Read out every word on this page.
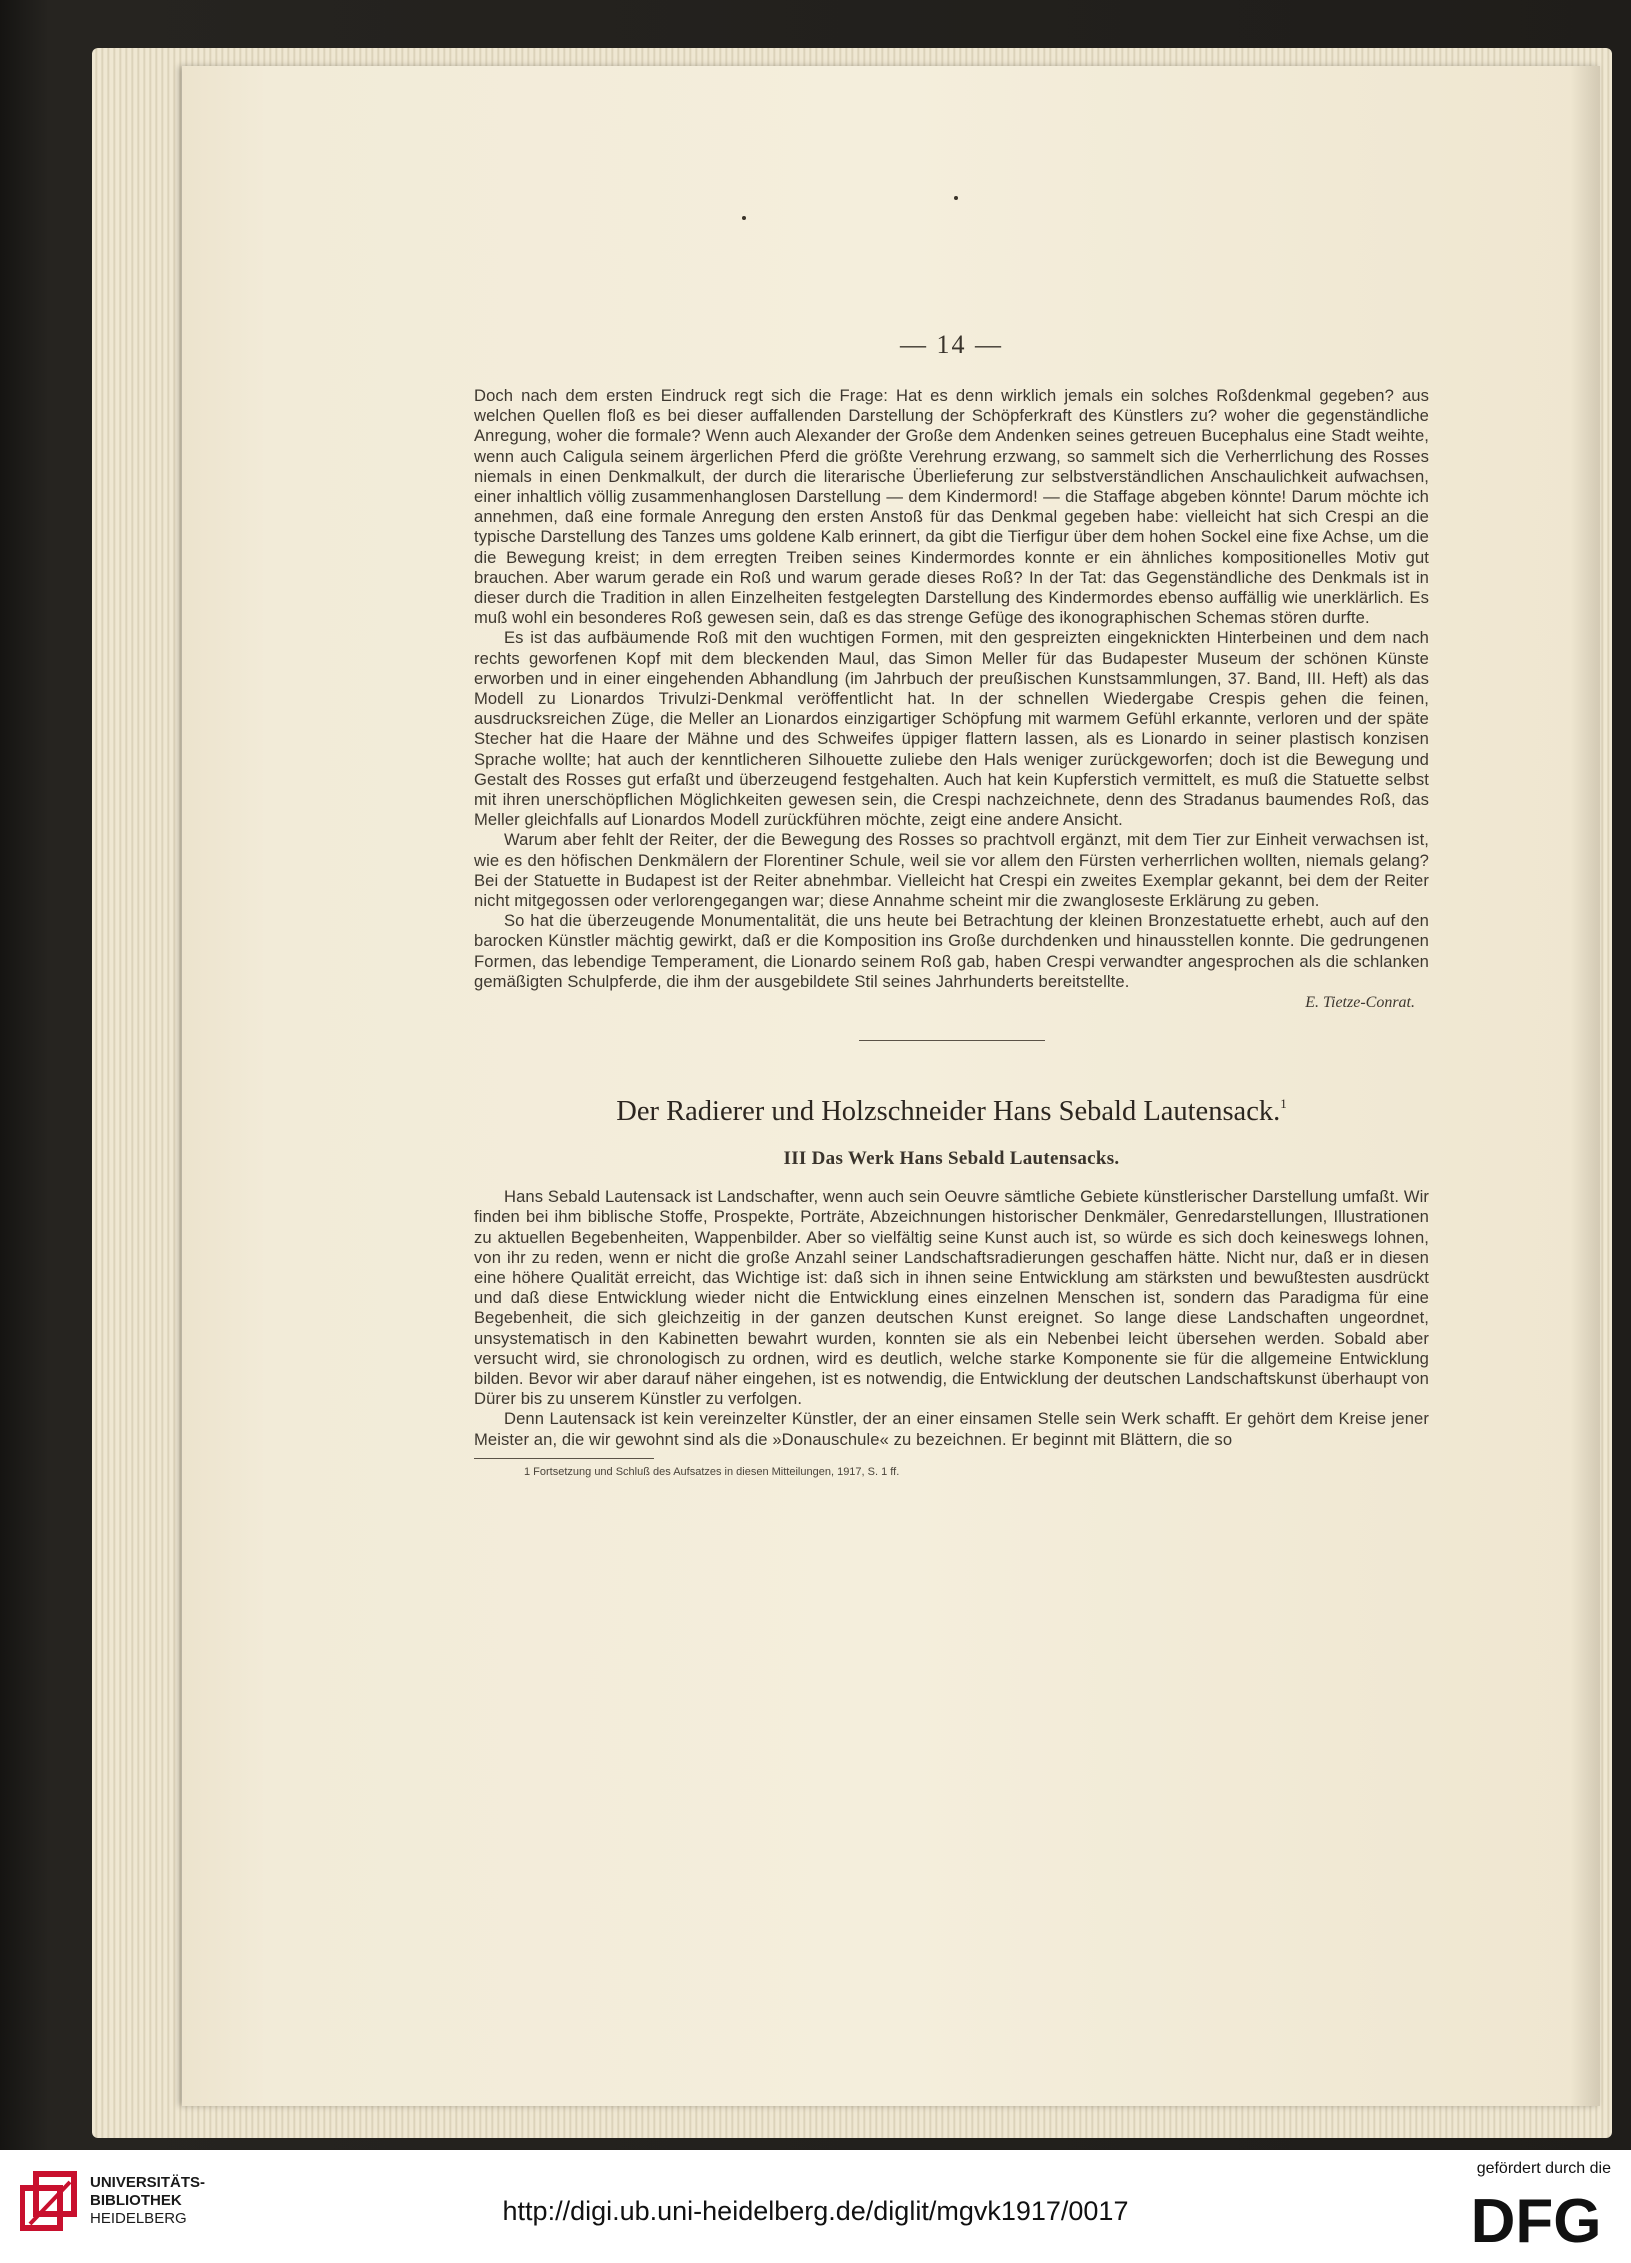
— 14 —

Doch nach dem ersten Eindruck regt sich die Frage: Hat es denn wirklich jemals ein solches Roßdenkmal gegeben? aus welchen Quellen floß es bei dieser auffallenden Darstellung der Schöpferkraft des Künstlers zu? woher die gegenständliche Anregung, woher die formale? Wenn auch Alexander der Große dem Andenken seines getreuen Bucephalus eine Stadt weihte, wenn auch Caligula seinem ärgerlichen Pferd die größte Verehrung erzwang, so sammelt sich die Verherrlichung des Rosses niemals in einen Denkmalkult, der durch die literarische Überlieferung zur selbstverständlichen Anschaulichkeit aufwachsen, einer inhaltlich völlig zusammenhanglosen Darstellung — dem Kindermord! — die Staffage abgeben könnte! Darum möchte ich annehmen, daß eine formale Anregung den ersten Anstoß für das Denkmal gegeben habe: vielleicht hat sich Crespi an die typische Darstellung des Tanzes ums goldene Kalb erinnert, da gibt die Tierfigur über dem hohen Sockel eine fixe Achse, um die die Bewegung kreist; in dem erregten Treiben seines Kindermordes konnte er ein ähnliches kompositionelles Motiv gut brauchen. Aber warum gerade ein Roß und warum gerade dieses Roß? In der Tat: das Gegenständliche des Denkmals ist in dieser durch die Tradition in allen Einzelheiten festgelegten Darstellung des Kindermordes ebenso auffällig wie unerklärlich. Es muß wohl ein besonderes Roß gewesen sein, daß es das strenge Gefüge des ikonographischen Schemas stören durfte.

Es ist das aufbäumende Roß mit den wuchtigen Formen, mit den gespreizten eingeknickten Hinterbeinen und dem nach rechts geworfenen Kopf mit dem bleckenden Maul, das Simon Meller für das Budapester Museum der schönen Künste erworben und in einer eingehenden Abhandlung (im Jahrbuch der preußischen Kunstsammlungen, 37. Band, III. Heft) als das Modell zu Lionardos Trivulzi-Denkmal veröffentlicht hat. In der schnellen Wiedergabe Crespis gehen die feinen, ausdrucksreichen Züge, die Meller an Lionardos einzigartiger Schöpfung mit warmem Gefühl erkannte, verloren und der späte Stecher hat die Haare der Mähne und des Schweifes üppiger flattern lassen, als es Lionardo in seiner plastisch konzisen Sprache wollte; hat auch der kenntlicheren Silhouette zuliebe den Hals weniger zurückgeworfen; doch ist die Bewegung und Gestalt des Rosses gut erfaßt und überzeugend festgehalten. Auch hat kein Kupferstich vermittelt, es muß die Statuette selbst mit ihren unerschöpflichen Möglichkeiten gewesen sein, die Crespi nachzeichnete, denn des Stradanus baumendes Roß, das Meller gleichfalls auf Lionardos Modell zurückführen möchte, zeigt eine andere Ansicht.

Warum aber fehlt der Reiter, der die Bewegung des Rosses so prachtvoll ergänzt, mit dem Tier zur Einheit verwachsen ist, wie es den höfischen Denkmälern der Florentiner Schule, weil sie vor allem den Fürsten verherrlichen wollten, niemals gelang? Bei der Statuette in Budapest ist der Reiter abnehmbar. Vielleicht hat Crespi ein zweites Exemplar gekannt, bei dem der Reiter nicht mitgegossen oder verlorengegangen war; diese Annahme scheint mir die zwangloseste Erklärung zu geben.

So hat die überzeugende Monumentalität, die uns heute bei Betrachtung der kleinen Bronzestatuette erhebt, auch auf den barocken Künstler mächtig gewirkt, daß er die Komposition ins Große durchdenken und hinausstellen konnte. Die gedrungenen Formen, das lebendige Temperament, die Lionardo seinem Roß gab, haben Crespi verwandter angesprochen als die schlanken gemäßigten Schulpferde, die ihm der ausgebildete Stil seines Jahrhunderts bereitstellte.

E. Tietze-Conrat.

Der Radierer und Holzschneider Hans Sebald Lautensack.$^1$
III Das Werk Hans Sebald Lautensacks.

Hans Sebald Lautensack ist Landschafter, wenn auch sein Oeuvre sämtliche Gebiete künstlerischer Darstellung umfaßt. Wir finden bei ihm biblische Stoffe, Prospekte, Porträte, Abzeichnungen historischer Denkmäler, Genredarstellungen, Illustrationen zu aktuellen Begebenheiten, Wappenbilder. Aber so vielfältig seine Kunst auch ist, so würde es sich doch keineswegs lohnen, von ihr zu reden, wenn er nicht die große Anzahl seiner Landschaftsradierungen geschaffen hätte. Nicht nur, daß er in diesen eine höhere Qualität erreicht, das Wichtige ist: daß sich in ihnen seine Entwicklung am stärksten und bewußtesten ausdrückt und daß diese Entwicklung wieder nicht die Entwicklung eines einzelnen Menschen ist, sondern das Paradigma für eine Begebenheit, die sich gleichzeitig in der ganzen deutschen Kunst ereignet. So lange diese Landschaften ungeordnet, unsystematisch in den Kabinetten bewahrt wurden, konnten sie als ein Nebenbei leicht übersehen werden. Sobald aber versucht wird, sie chronologisch zu ordnen, wird es deutlich, welche starke Komponente sie für die allgemeine Entwicklung bilden. Bevor wir aber darauf näher eingehen, ist es notwendig, die Entwicklung der deutschen Landschaftskunst überhaupt von Dürer bis zu unserem Künstler zu verfolgen.

Denn Lautensack ist kein vereinzelter Künstler, der an einer einsamen Stelle sein Werk schafft. Er gehört dem Kreise jener Meister an, die wir gewohnt sind als die »Donauschule« zu bezeichnen. Er beginnt mit Blättern, die so

1 Fortsetzung und Schluß des Aufsatzes in diesen Mitteilungen, 1917, S. 1 ff.

UNIVERSITÄTS-
BIBLIOTHEK
HEIDELBERG	http://digi.ub.uni-heidelberg.de/diglit/mgvk1917/0017
gefördert durch die
DFG
